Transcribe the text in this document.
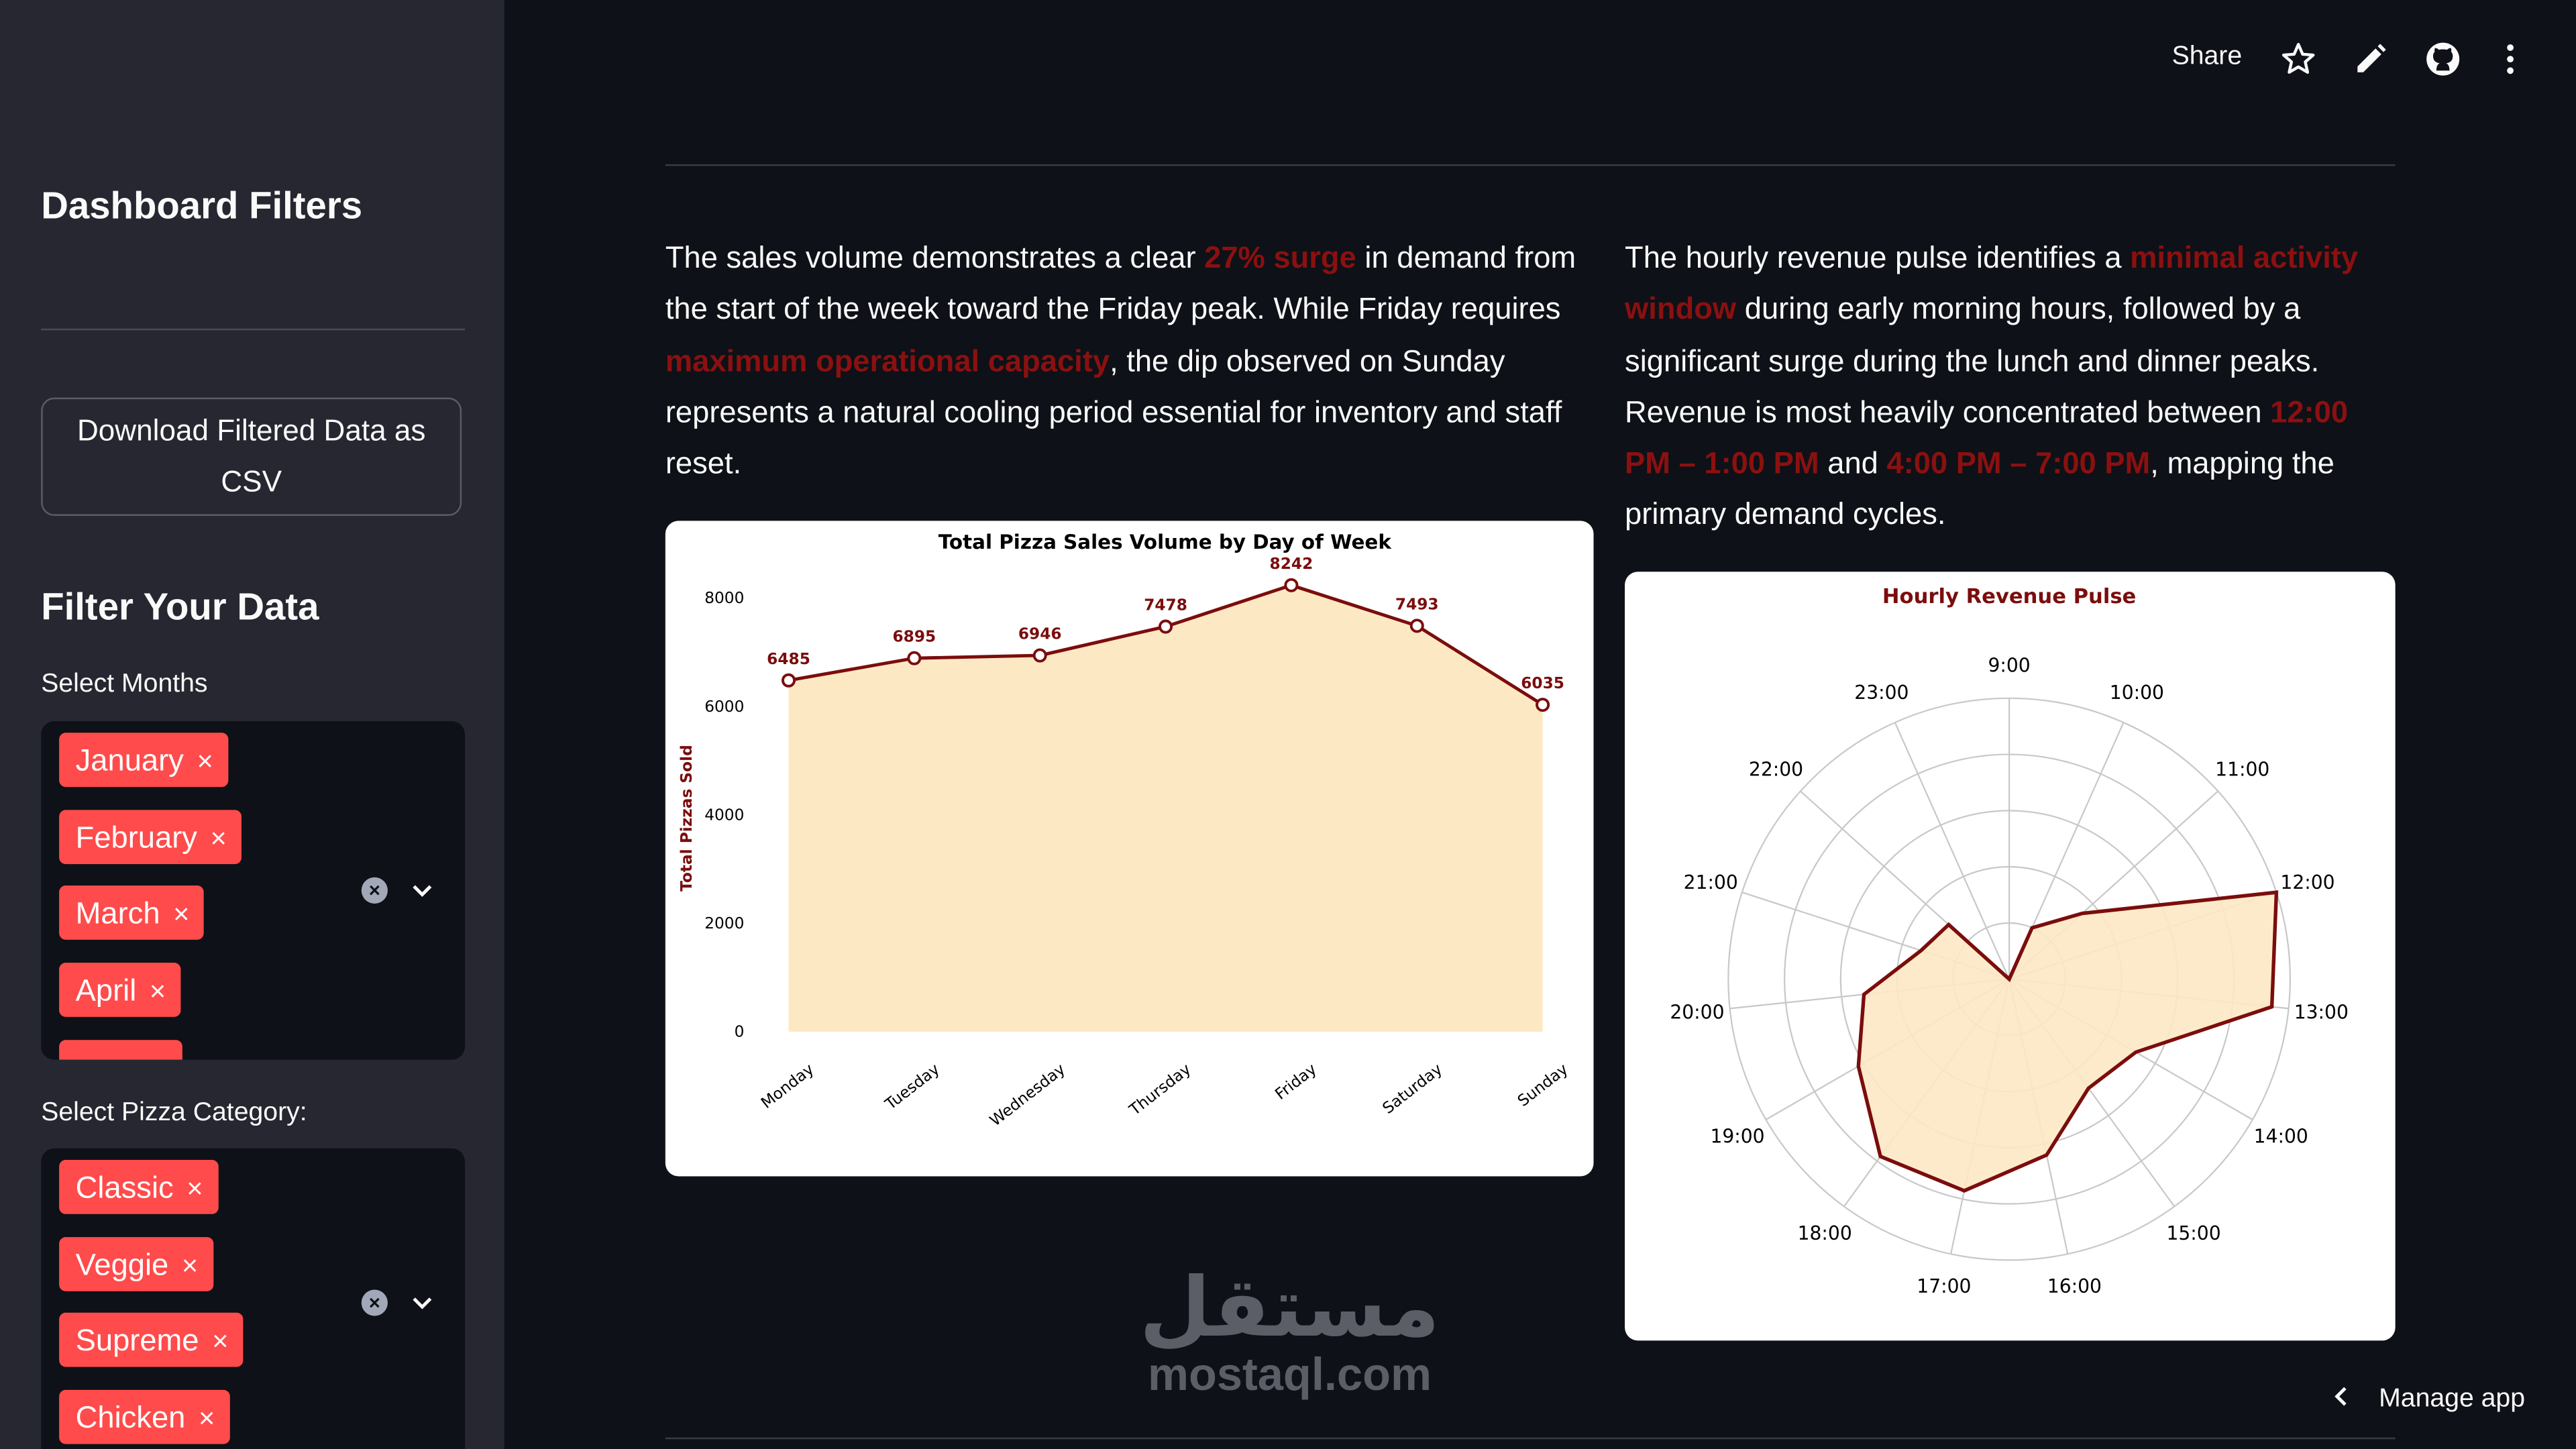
Dashboard Filters
Download Filtered Data as
CSV
Filter Your Data
Select Months
January ×
February ×
March ×
April ×
×
Select Pizza Category:
Classic ×
Veggie ×
Supreme ×
Chicken ×
×
Share
The sales volume demonstrates a clear 27% surge in demand from the start of the week toward the Friday peak. While Friday requires maximum operational capacity, the dip observed on Sunday represents a natural cooling period essential for inventory and staff reset.
The hourly revenue pulse identifies a minimal activity window during early morning hours, followed by a significant surge during the lunch and dinner peaks. Revenue is most heavily concentrated between 12:00 PM – 1:00 PM and 4:00 PM – 7:00 PM, mapping the primary demand cycles.
Total Pizza Sales Volume by Day of Week
Total Pizzas Sold
0
2000
4000
6000
8000
6485
6895	6946
7478
8242
7493
6035
Monday	Tuesday	Wednesday	Thursday	Friday	Saturday	Sunday
Hourly Revenue Pulse
9:00
10:00
11:00
12:00
13:00
14:00
15:00
16:00
17:00
18:00
19:00
20:00
21:00
22:00
23:00
مستقل
mostaql.com	Manage app
